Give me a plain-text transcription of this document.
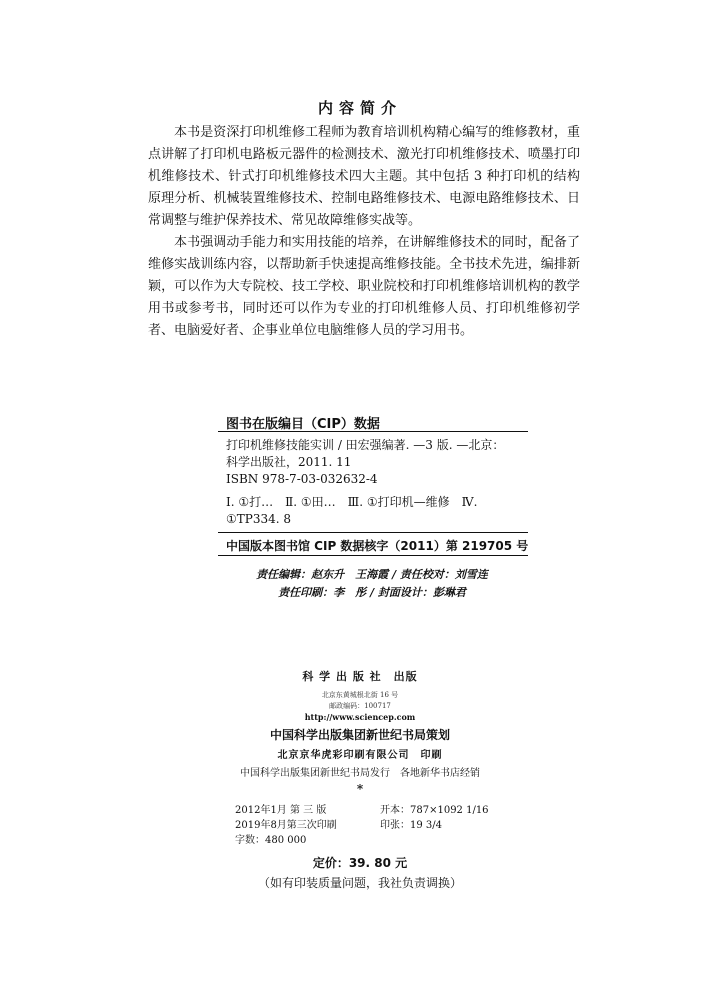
内容简介

本书是资深打印机维修工程师为教育培训机构精心编写的维修教材，重点讲解了打印机电路板元器件的检测技术、激光打印机维修技术、喷墨打印机维修技术、针式打印机维修技术四大主题。其中包括 3 种打印机的结构原理分析、机械装置维修技术、控制电路维修技术、电源电路维修技术、日常调整与维护保养技术、常见故障维修实战等。

本书强调动手能力和实用技能的培养，在讲解维修技术的同时，配备了维修实战训练内容，以帮助新手快速提高维修技能。全书技术先进，编排新颖，可以作为大专院校、技工学校、职业院校和打印机维修培训机构的教学用书或参考书，同时还可以作为专业的打印机维修人员、打印机维修初学者、电脑爱好者、企事业单位电脑维修人员的学习用书。

图书在版编目（CIP）数据
打印机维修技能实训 / 田宏强编著. —3 版. —北京：
科学出版社，2011. 11
ISBN 978-7-03-032632-4
Ⅰ. ①打…　Ⅱ. ①田…　Ⅲ. ①打印机—维修　Ⅳ.
①TP334. 8
中国版本图书馆 CIP 数据核字（2011）第 219705 号
责任编辑：赵东升　王海霞 / 责任校对：刘雪连
责任印刷：李　彤 / 封面设计：彭琳君
科 学 出 版 社　出版
北京东黄城根北街 16 号
邮政编码：100717
http://www.sciencep.com
中国科学出版集团新世纪书局策划
北京京华虎彩印刷有限公司　印刷
中国科学出版集团新世纪书局发行　各地新华书店经销
*
2012年1月 第 三 版	开本：787×1092 1/16
2019年8月第三次印刷	印张：19 3/4
字数：480 000
定价：39. 80 元
（如有印装质量问题，我社负责调换）
